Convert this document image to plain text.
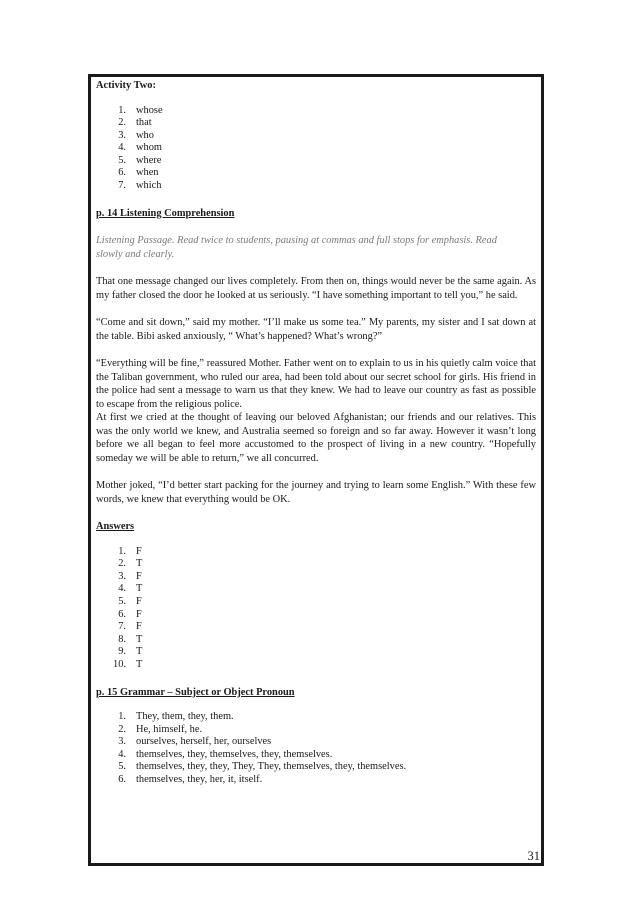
Activity Two:

1. whose
2. that
3. who
4. whom
5. where
6. when
7. which

p. 14 Listening Comprehension

Listening Passage. Read twice to students, pausing at commas and full stops for emphasis. Read
slowly and clearly.

That one message changed our lives completely. From then on, things would never be the same again. As my father closed the door he looked at us seriously. “I have something important to tell you,” he said.

“Come and sit down,” said my mother. “I’ll make us some tea.” My parents, my sister and I sat down at the table. Bibi asked anxiously, “ What’s happened? What’s wrong?”

“Everything will be fine,” reassured Mother. Father went on to explain to us in his quietly calm voice that the Taliban government, who ruled our area, had been told about our secret school for girls. His friend in the police had sent a message to warn us that they knew. We had to leave our country as fast as possible to escape from the religious police.

At first we cried at the thought of leaving our beloved Afghanistan; our friends and our relatives. This was the only world we knew, and Australia seemed so foreign and so far away. However it wasn’t long before we all began to feel more accustomed to the prospect of living in a new country. “Hopefully someday we will be able to return,” we all concurred.

Mother joked, “I’d better start packing for the journey and trying to learn some English.” With these few words, we knew that everything would be OK.

Answers

1. F
2. T
3. F
4. T
5. F
6. F
7. F
8. T
9. T
10. T

p. 15 Grammar – Subject or Object Pronoun

1. They, them, they, them.
2. He, himself, he.
3. ourselves, herself, her, ourselves
4. themselves, they, themselves, they, themselves.
5. themselves, they, they, They, They, themselves, they, themselves.
6. themselves, they, her, it, itself.
31
